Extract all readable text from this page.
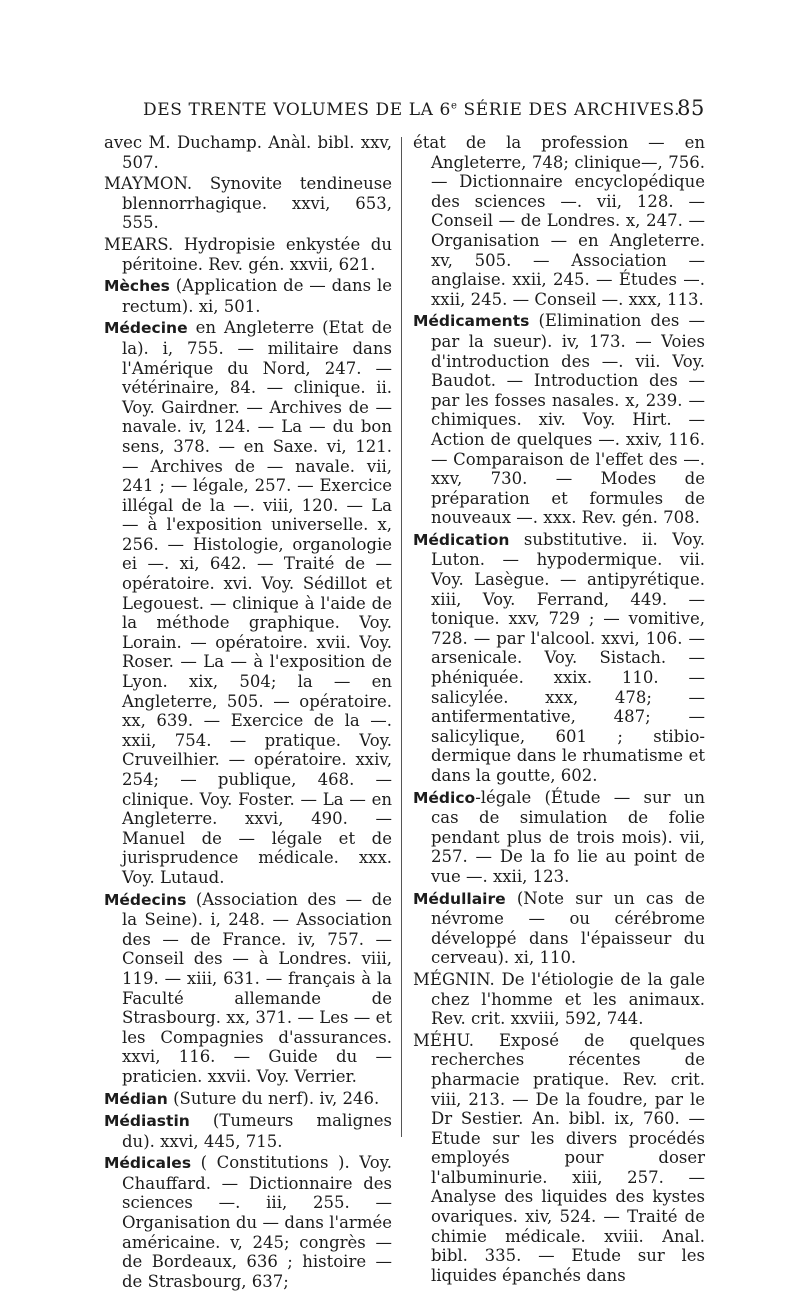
DES TRENTE VOLUMES DE LA 6e SÉRIE DES ARCHIVES.
85

avec M. Duchamp. Anàl. bibl. xxv, 507.

MAYMON. Synovite tendineuse blennorrhagique. xxvi, 653, 555.

MEARS. Hydropisie enkystée du péritoine. Rev. gén. xxvii, 621.

Mèches (Application de — dans le rectum). xi, 501.

Médecine en Angleterre (Etat de la). i, 755. — militaire dans l'Amérique du Nord, 247. — vétérinaire, 84. — clinique. ii. Voy. Gairdner. — Archives de — navale. iv, 124. — La — du bon sens, 378. — en Saxe. vi, 121. — Archives de — navale. vii, 241 ; — légale, 257. — Exercice illégal de la —. viii, 120. — La — à l'exposition universelle. x, 256. — Histologie, organologie ei —. xi, 642. — Traité de — opératoire. xvi. Voy. Sédillot et Legouest. — clinique à l'aide de la méthode graphique. Voy. Lorain. — opératoire. xvii. Voy. Roser. — La — à l'exposition de Lyon. xix, 504; la — en Angleterre, 505. — opératoire. xx, 639. — Exercice de la —. xxii, 754. — pratique. Voy. Cruveilhier. — opératoire. xxiv, 254; — publique, 468. — clinique. Voy. Foster. — La — en Angleterre. xxvi, 490. — Manuel de — légale et de jurisprudence médicale. xxx. Voy. Lutaud.

Médecins (Association des — de la Seine). i, 248. — Association des — de France. iv, 757. — Conseil des — à Londres. viii, 119. — xiii, 631. — français à la Faculté allemande de Strasbourg. xx, 371. — Les — et les Compagnies d'assurances. xxvi, 116. — Guide du — praticien. xxvii. Voy. Verrier.

Médian (Suture du nerf). iv, 246.

Médiastin (Tumeurs malignes du). xxvi, 445, 715.

Médicales ( Constitutions ). Voy. Chauffard. — Dictionnaire des sciences —. iii, 255. — Organisation du — dans l'armée américaine. v, 245; congrès — de Bordeaux, 636 ; histoire — de Strasbourg, 637;

état de la profession — en Angleterre, 748; clinique—, 756. — Dictionnaire encyclopédique des sciences —. vii, 128. — Conseil — de Londres. x, 247. — Organisation — en Angleterre. xv, 505. — Association — anglaise. xxii, 245. — Études —. xxii, 245. — Conseil —. xxx, 113.

Médicaments (Elimination des — par la sueur). iv, 173. — Voies d'introduction des —. vii. Voy. Baudot. — Introduction des — par les fosses nasales. x, 239. — chimiques. xiv. Voy. Hirt. — Action de quelques —. xxiv, 116. — Comparaison de l'effet des —. xxv, 730. — Modes de préparation et formules de nouveaux —. xxx. Rev. gén. 708.

Médication substitutive. ii. Voy. Luton. — hypodermique. vii. Voy. Lasègue. — antipyrétique. xiii, Voy. Ferrand, 449. — tonique. xxv, 729 ; — vomitive, 728. — par l'alcool. xxvi, 106. — arsenicale. Voy. Sistach. — phéniquée. xxix. 110. — salicylée. xxx, 478; — antifermentative, 487; — salicylique, 601 ; stibio-dermique dans le rhumatisme et dans la goutte, 602.

Médico-légale (Étude — sur un cas de simulation de folie pendant plus de trois mois). vii, 257. — De la fo lie au point de vue —. xxii, 123.

Médullaire (Note sur un cas de névrome — ou cérébrome développé dans l'épaisseur du cerveau). xi, 110.

MÉGNIN. De l'étiologie de la gale chez l'homme et les animaux. Rev. crit. xxviii, 592, 744.

MÉHU. Exposé de quelques recherches récentes de pharmacie pratique. Rev. crit. viii, 213. — De la foudre, par le Dr Sestier. An. bibl. ix, 760. — Etude sur les divers procédés employés pour doser l'albuminurie. xiii, 257. — Analyse des liquides des kystes ovariques. xiv, 524. — Traité de chimie médicale. xviii. Anal. bibl. 335. — Etude sur les liquides épanchés dans
